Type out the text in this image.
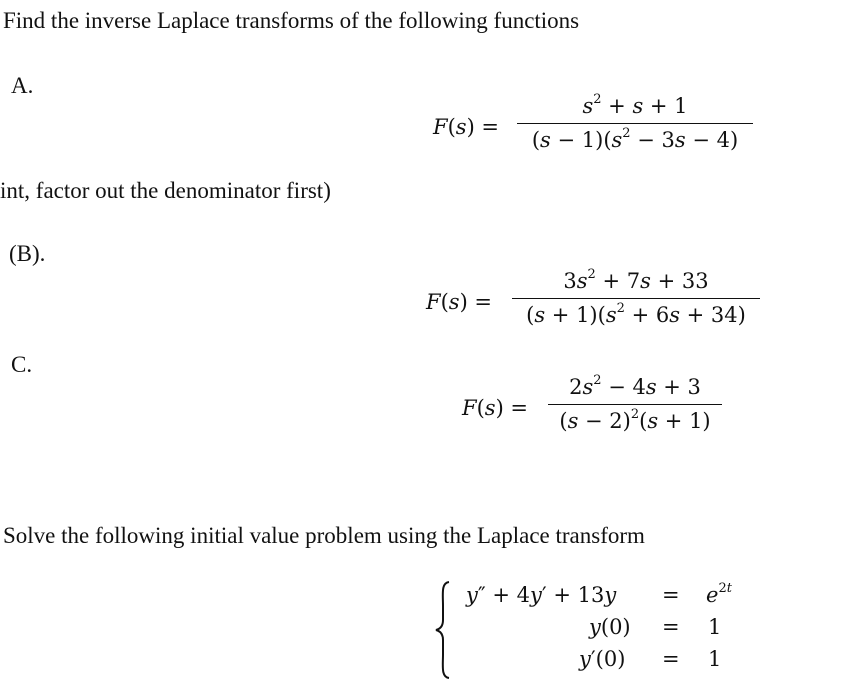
Find the inverse Laplace transforms of the following functions
A.
F(s) =
$s^2 + s + 1$
$(s - 1)(s^2 - 3s - 4)$
int, factor out the denominator first)
(B).
F(s) =
$3s^2 + 7s + 33$
$(s + 1)(s^2 + 6s + 34)$
C.
F(s) =
$2s^2 - 4s + 3$
$(s - 2)^2(s + 1)$
Solve the following initial value problem using the Laplace transform
$y'' + 4y' + 13y = e^{2t}$
y(0) = 1
y′(0) = 1
